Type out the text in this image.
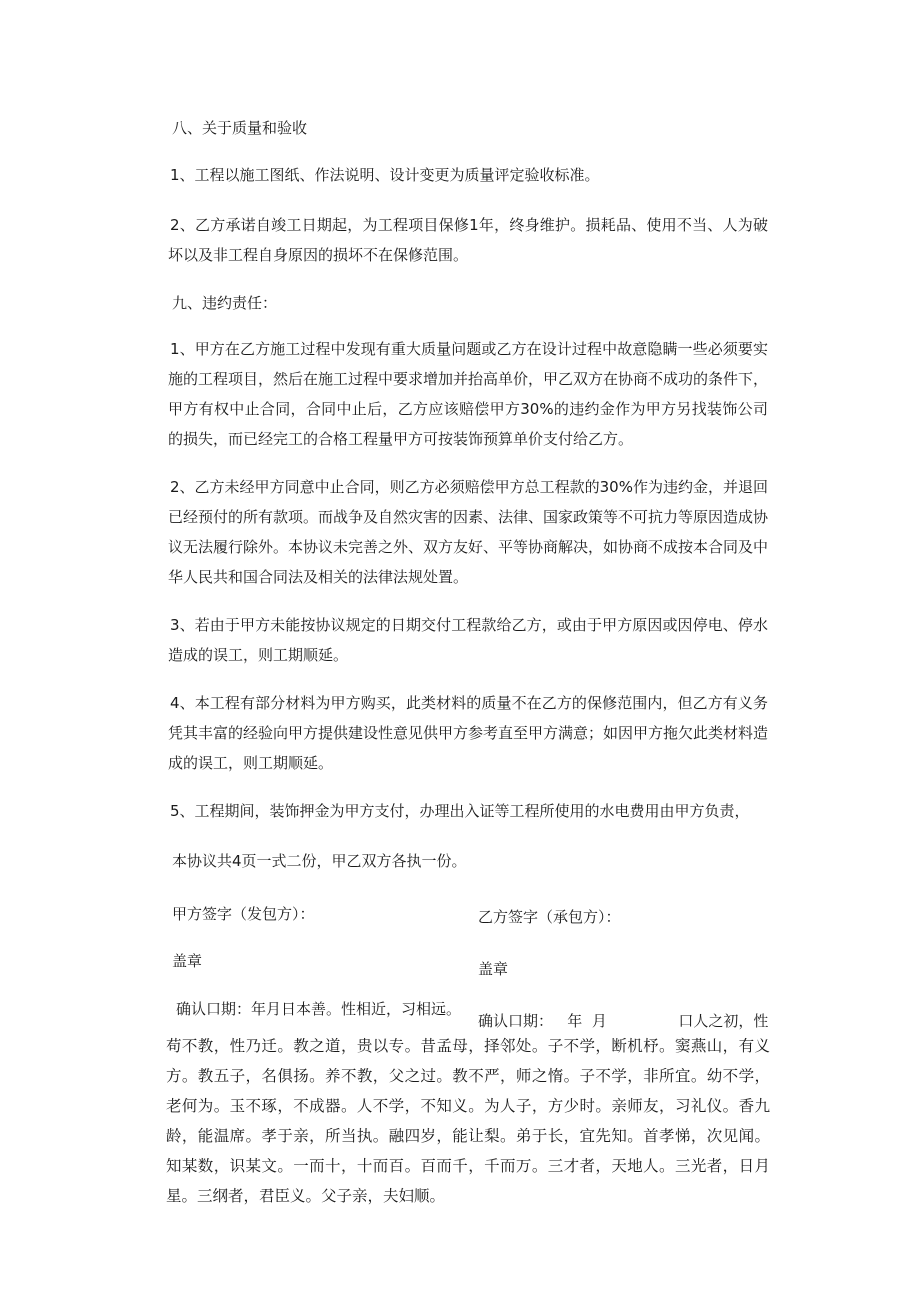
八、关于质量和验收

1、工程以施工图纸、作法说明、设计变更为质量评定验收标准。

2、乙方承诺自竣工日期起，为工程项目保修1年，终身维护。损耗品、使用不当、人为破坏以及非工程自身原因的损坏不在保修范围。

九、违约责任：

1、甲方在乙方施工过程中发现有重大质量问题或乙方在设计过程中故意隐瞒一些必须要实施的工程项目，然后在施工过程中要求增加并抬高单价，甲乙双方在协商不成功的条件下，甲方有权中止合同，合同中止后，乙方应该赔偿甲方30%的违约金作为甲方另找装饰公司的损失，而已经完工的合格工程量甲方可按装饰预算单价支付给乙方。

2、乙方未经甲方同意中止合同，则乙方必须赔偿甲方总工程款的30%作为违约金，并退回已经预付的所有款项。而战争及自然灾害的因素、法律、国家政策等不可抗力等原因造成协议无法履行除外。本协议未完善之外、双方友好、平等协商解决，如协商不成按本合同及中华人民共和国合同法及相关的法律法规处置。

3、若由于甲方未能按协议规定的日期交付工程款给乙方，或由于甲方原因或因停电、停水造成的误工，则工期顺延。

4、本工程有部分材料为甲方购买，此类材料的质量不在乙方的保修范围内，但乙方有义务凭其丰富的经验向甲方提供建设性意见供甲方参考直至甲方满意；如因甲方拖欠此类材料造成的误工，则工期顺延。

5、工程期间，装饰押金为甲方支付，办理出入证等工程所使用的水电费用由甲方负责，

本协议共4页一式二份，甲乙双方各执一份。

甲方签字（发包方）：	乙方签字（承包方）：

盖章	盖章

确认口期：年月日本善。性相近，习相远。

确认口期：   年  月               口人之初，性

苟不教，性乃迁。教之道，贵以专。昔孟母，择邻处。子不学，断机杼。窦燕山，有义方。教五子，名俱扬。养不教，父之过。教不严，师之惰。子不学，非所宜。幼不学，老何为。玉不琢，不成器。人不学，不知义。为人子，方少时。亲师友，习礼仪。香九龄，能温席。孝于亲，所当执。融四岁，能让梨。弟于长，宜先知。首孝悌，次见闻。知某数，识某文。一而十，十而百。百而千，千而万。三才者，天地人。三光者，日月星。三纲者，君臣义。父子亲，夫妇顺。
